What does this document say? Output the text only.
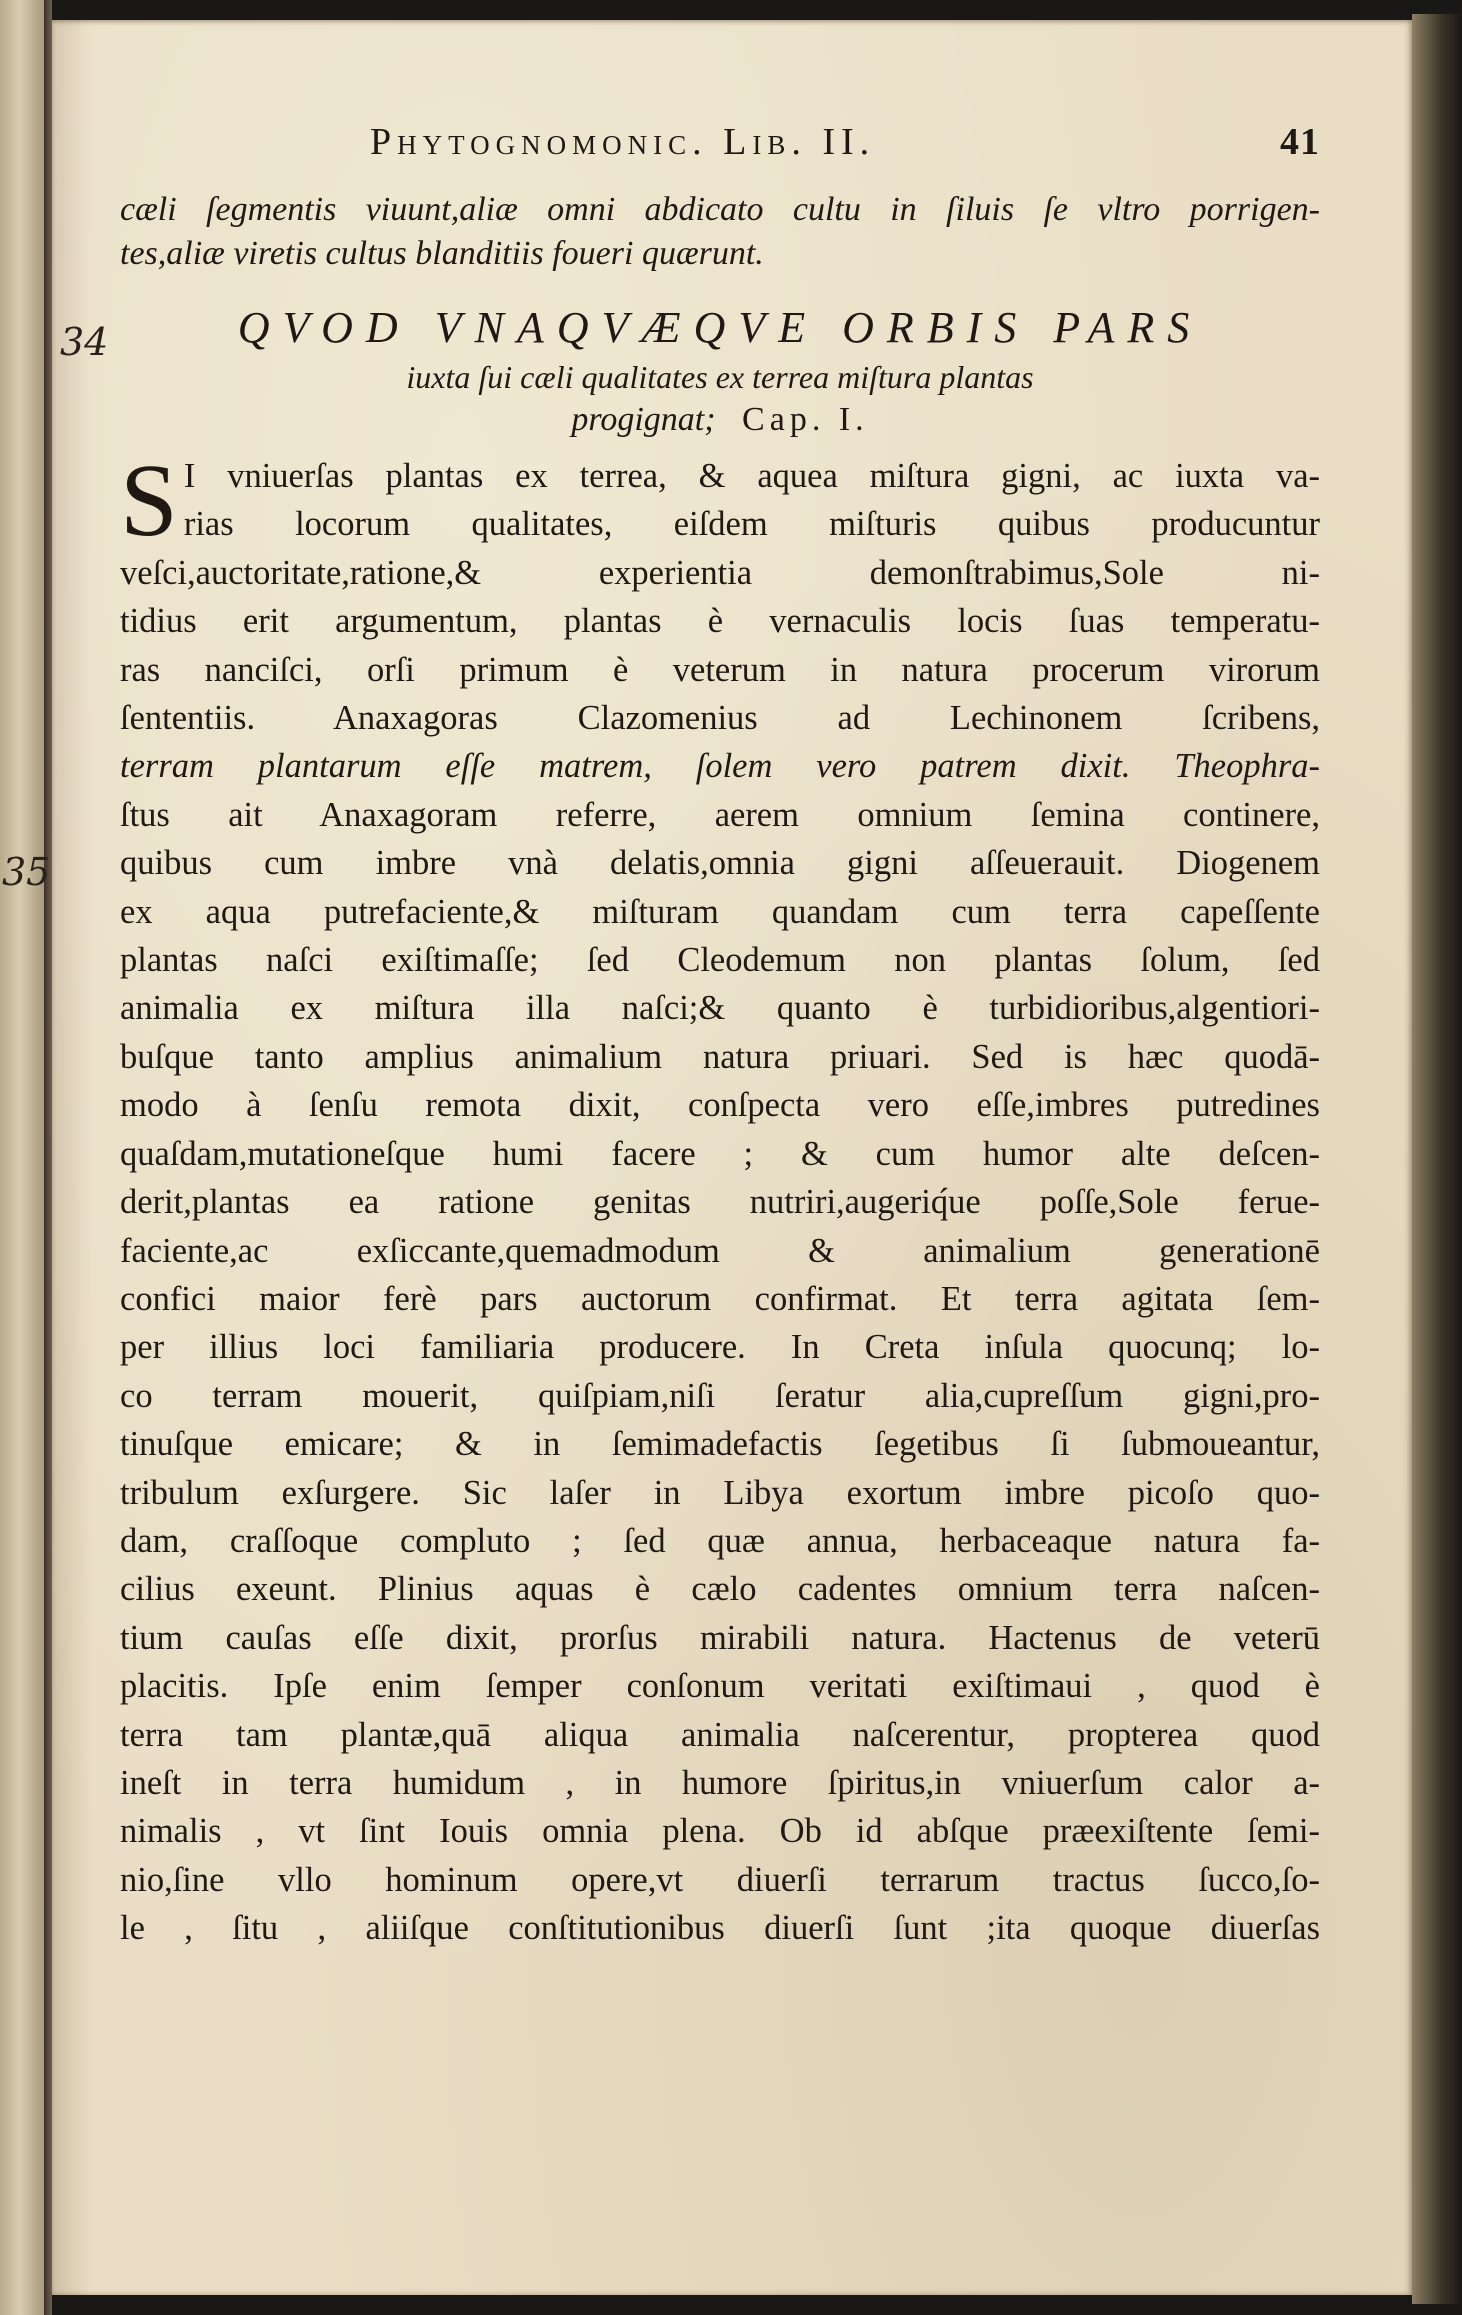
34
35
Phytognomonic. Lib. II.	41
cæli ſegmentis viuunt,aliæ omni abdicato cultu in ſiluis ſe vltro porrigen-
tes,aliæ viretis cultus blanditiis foueri quærunt.
QVOD VNAQVÆQVE ORBIS PARS
iuxta ſui cæli qualitates ex terrea miſtura plantas
progignat; Cap. I.
S I vniuerſas plantas ex terrea, & aquea miſtura gigni, ac iuxta va-
rias locorum qualitates, eiſdem miſturis quibus producuntur
veſci,auctoritate,ratione,& experientia demonſtrabimus,Sole ni-
tidius erit argumentum, plantas è vernaculis locis ſuas temperatu-
ras nanciſci, orſi primum è veterum in natura procerum virorum
ſententiis. Anaxagoras Clazomenius ad Lechinonem ſcribens,
terram plantarum eſſe matrem, ſolem vero patrem dixit. Theophra-
ſtus ait Anaxagoram referre, aerem omnium ſemina continere,
quibus cum imbre vnà delatis,omnia gigni aſſeuerauit. Diogenem
ex aqua putrefaciente,& miſturam quandam cum terra capeſſente
plantas naſci exiſtimaſſe; ſed Cleodemum non plantas ſolum, ſed
animalia ex miſtura illa naſci;& quanto è turbidioribus,algentiori-
buſque tanto amplius animalium natura priuari. Sed is hæc quodā-
modo à ſenſu remota dixit, conſpecta vero eſſe,imbres putredines
quaſdam,mutationeſque humi facere ; & cum humor alte deſcen-
derit,plantas ea ratione genitas nutriri,augeriq́ue poſſe,Sole ferue-
faciente,ac exſiccante,quemadmodum & animalium generationē
confici maior ferè pars auctorum confirmat. Et terra agitata ſem-
per illius loci familiaria producere. In Creta inſula quocunq; lo-
co terram mouerit, quiſpiam,niſi ſeratur alia,cupreſſum gigni,pro-
tinuſque emicare; & in ſemimadefactis ſegetibus ſi ſubmoueantur,
tribulum exſurgere. Sic laſer in Libya exortum imbre picoſo quo-
dam, craſſoque compluto ; ſed quæ annua, herbaceaque natura fa-
cilius exeunt. Plinius aquas è cælo cadentes omnium terra naſcen-
tium cauſas eſſe dixit, prorſus mirabili natura. Hactenus de veterū
placitis. Ipſe enim ſemper conſonum veritati exiſtimaui , quod è
terra tam plantæ,quā aliqua animalia naſcerentur, propterea quod
ineſt in terra humidum , in humore ſpiritus,in vniuerſum calor a-
nimalis , vt ſint Iouis omnia plena. Ob id abſque præexiſtente ſemi-
nio,ſine vllo hominum opere,vt diuerſi terrarum tractus ſucco,ſo-
le , ſitu , aliiſque conſtitutionibus diuerſi ſunt ;ita quoque diuerſas
